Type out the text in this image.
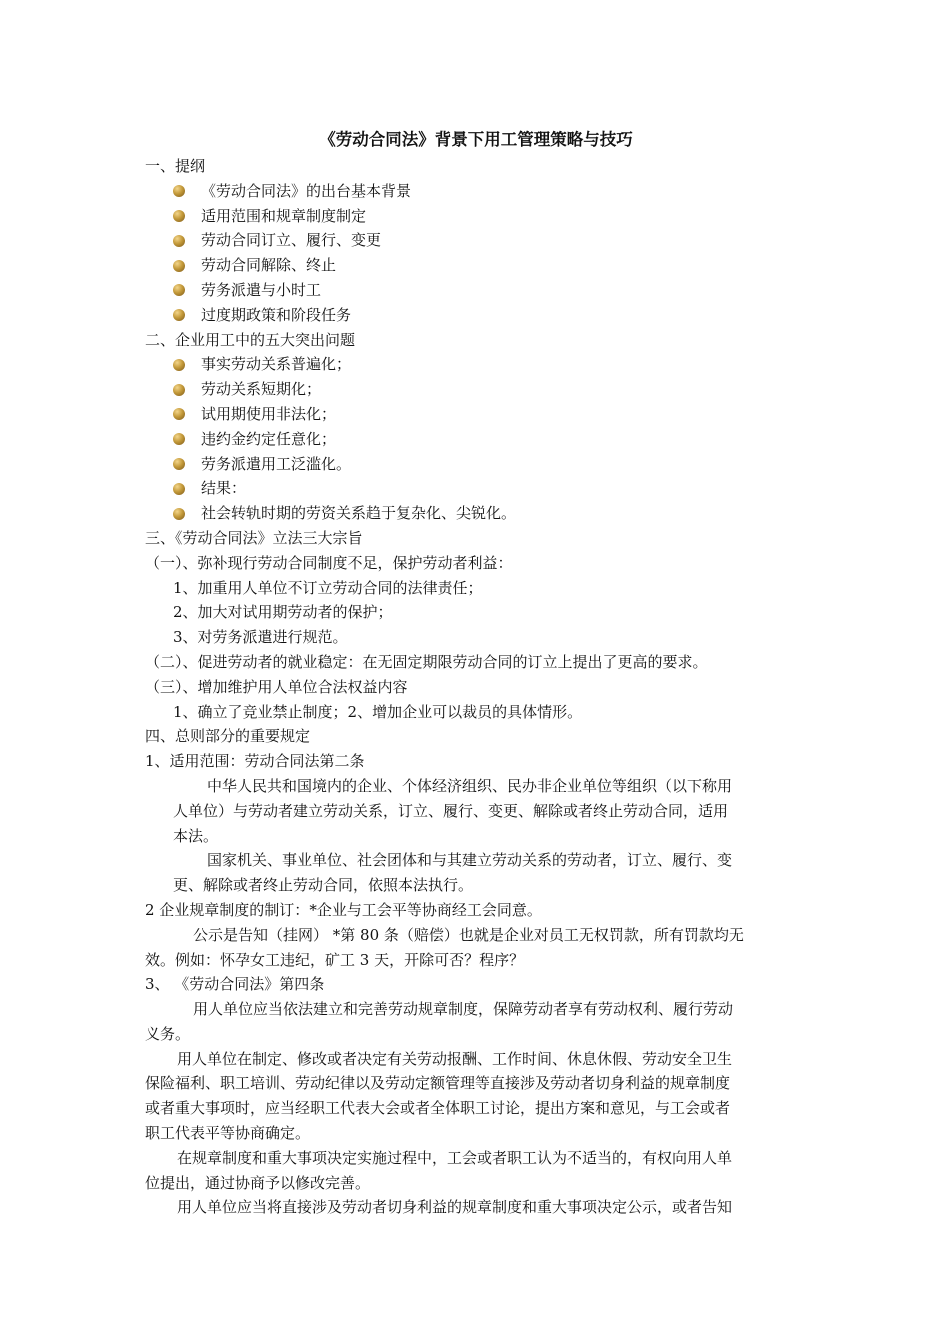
《劳动合同法》背景下用工管理策略与技巧
一、提纲
《劳动合同法》的出台基本背景
适用范围和规章制度制定
劳动合同订立、履行、变更
劳动合同解除、终止
劳务派遣与小时工
过度期政策和阶段任务
二、企业用工中的五大突出问题
事实劳动关系普遍化；
劳动关系短期化；
试用期使用非法化；
违约金约定任意化；
劳务派遣用工泛滥化。
结果：
社会转轨时期的劳资关系趋于复杂化、尖锐化。
三、《劳动合同法》立法三大宗旨
（一）、弥补现行劳动合同制度不足，保护劳动者利益：
1、加重用人单位不订立劳动合同的法律责任；
2、加大对试用期劳动者的保护；
3、对劳务派遣进行规范。
（二）、促进劳动者的就业稳定：在无固定期限劳动合同的订立上提出了更高的要求。
（三）、增加维护用人单位合法权益内容
1、确立了竞业禁止制度；2、增加企业可以裁员的具体情形。
四、总则部分的重要规定
1、适用范围：劳动合同法第二条
中华人民共和国境内的企业、个体经济组织、民办非企业单位等组织（以下称用
人单位）与劳动者建立劳动关系，订立、履行、变更、解除或者终止劳动合同，适用
本法。
国家机关、事业单位、社会团体和与其建立劳动关系的劳动者，订立、履行、变
更、解除或者终止劳动合同，依照本法执行。
2 企业规章制度的制订：*企业与工会平等协商经工会同意。
公示是告知（挂网） *第 80 条（赔偿）也就是企业对员工无权罚款，所有罚款均无
效。例如：怀孕女工违纪，矿工 3 天，开除可否？程序？
3、 《劳动合同法》第四条
用人单位应当依法建立和完善劳动规章制度，保障劳动者享有劳动权利、履行劳动
义务。
用人单位在制定、修改或者决定有关劳动报酬、工作时间、休息休假、劳动安全卫生
保险福利、职工培训、劳动纪律以及劳动定额管理等直接涉及劳动者切身利益的规章制度
或者重大事项时，应当经职工代表大会或者全体职工讨论，提出方案和意见，与工会或者
职工代表平等协商确定。
在规章制度和重大事项决定实施过程中，工会或者职工认为不适当的，有权向用人单
位提出，通过协商予以修改完善。
用人单位应当将直接涉及劳动者切身利益的规章制度和重大事项决定公示，或者告知
